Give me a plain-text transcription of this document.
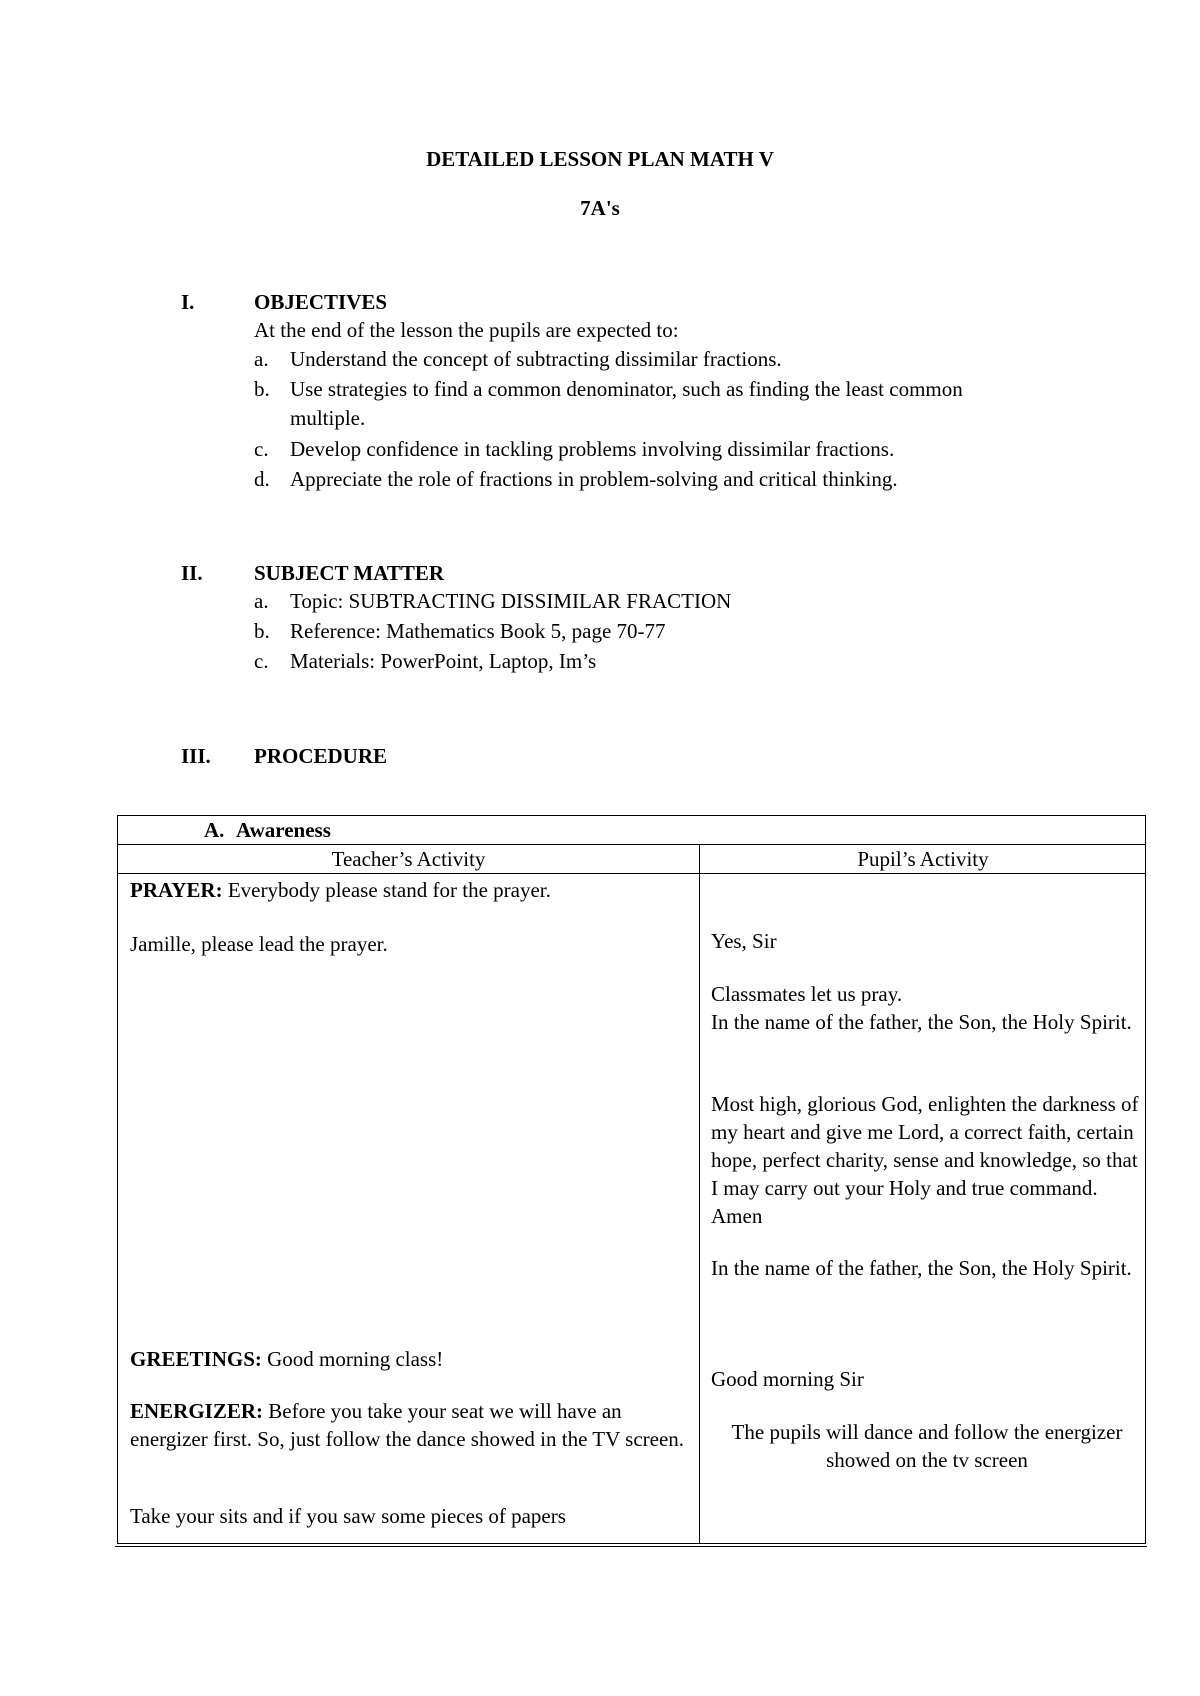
DETAILED LESSON PLAN MATH V
7A's
I.	OBJECTIVES
At the end of the lesson the pupils are expected to:
a. Understand the concept of subtracting dissimilar fractions.
b. Use strategies to find a common denominator, such as finding the least common multiple.
c. Develop confidence in tackling problems involving dissimilar fractions.
d. Appreciate the role of fractions in problem-solving and critical thinking.
II. SUBJECT MATTER
a. Topic: SUBTRACTING DISSIMILAR FRACTION
b. Reference: Mathematics Book 5, page 70-77
c. Materials: PowerPoint, Laptop, Im’s
III. PROCEDURE
A. Awareness
Teacher’s Activity	Pupil’s Activity
PRAYER: Everybody please stand for the prayer.
Jamille, please lead the prayer.
GREETINGS: Good morning class!
ENERGIZER: Before you take your seat we will have an energizer first. So, just follow the dance showed in the TV screen.
Take your sits and if you saw some pieces of papers
Yes, Sir
Classmates let us pray.
In the name of the father, the Son, the Holy Spirit.
Most high, glorious God, enlighten the darkness of my heart and give me Lord, a correct faith, certain hope, perfect charity, sense and knowledge, so that I may carry out your Holy and true command. Amen
In the name of the father, the Son, the Holy Spirit.
Good morning Sir
The pupils will dance and follow the energizer showed on the tv screen
